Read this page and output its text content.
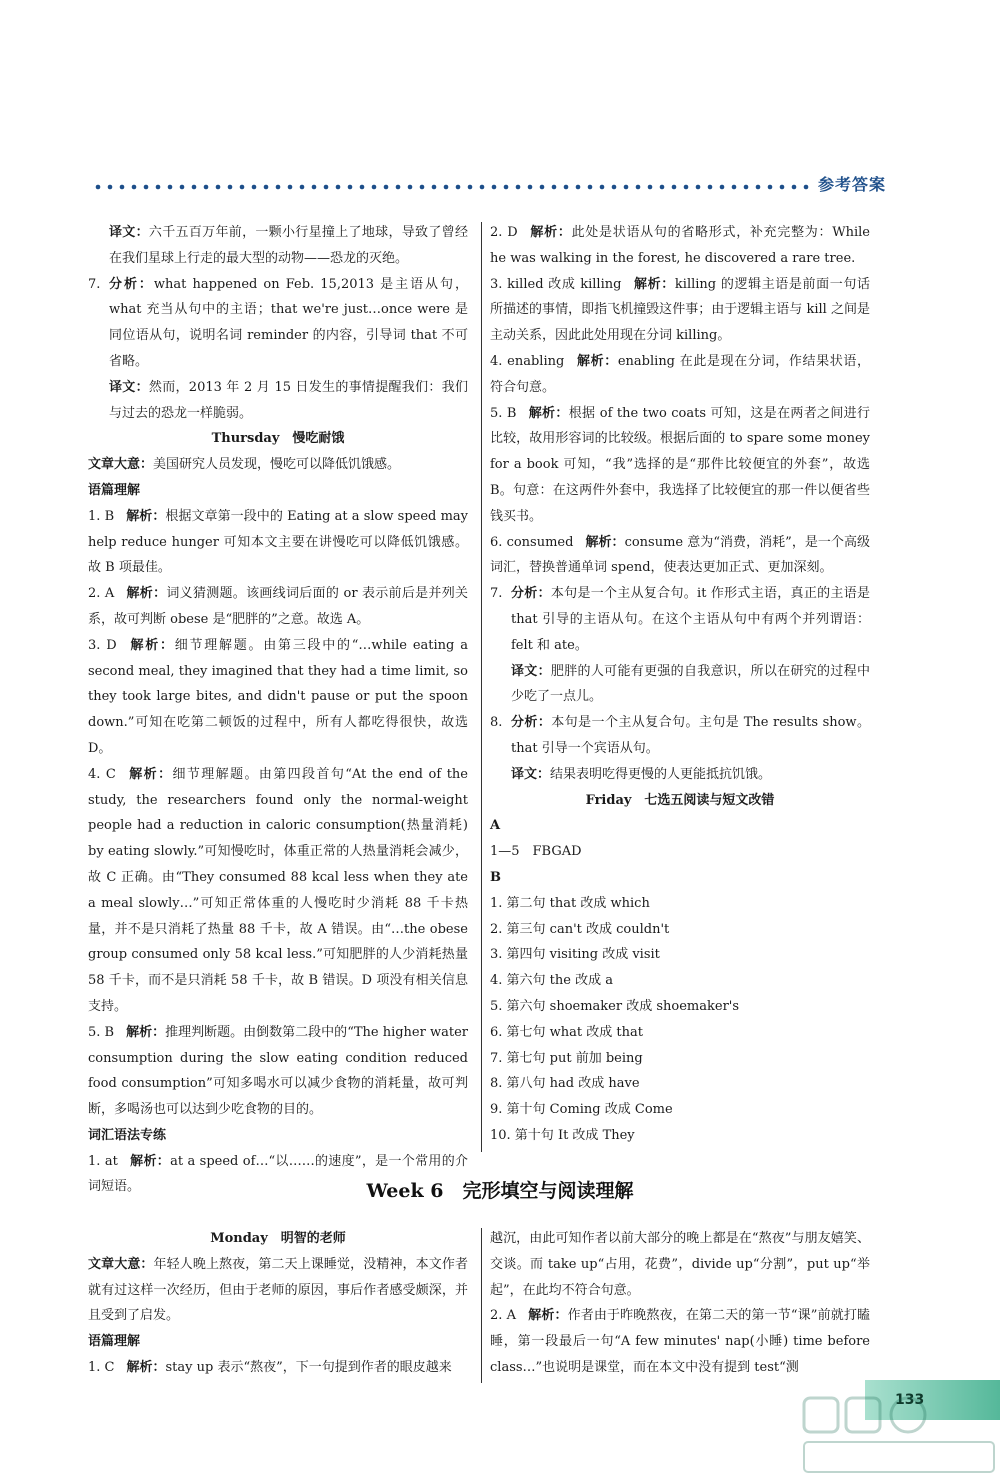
参考答案
译文：六千五百万年前，一颗小行星撞上了地球，导致了曾经在我们星球上行走的最大型的动物——恐龙的灭绝。
7. 分析：what happened on Feb. 15,2013 是主语从句，what 充当从句中的主语；that we're just…once were 是同位语从句，说明名词 reminder 的内容，引导词 that 不可省略。
译文：然而，2013 年 2 月 15 日发生的事情提醒我们：我们与过去的恐龙一样脆弱。
Thursday　慢吃耐饿
文章大意：美国研究人员发现，慢吃可以降低饥饿感。
语篇理解
1. B 解析：根据文章第一段中的 Eating at a slow speed may help reduce hunger 可知本文主要在讲慢吃可以降低饥饿感。故 B 项最佳。
2. A 解析：词义猜测题。该画线词后面的 or 表示前后是并列关系，故可判断 obese 是“肥胖的”之意。故选 A。
3. D 解析：细节理解题。由第三段中的“…while eating a second meal, they imagined that they had a time limit, so they took large bites, and didn't pause or put the spoon down.”可知在吃第二顿饭的过程中，所有人都吃得很快，故选 D。
4. C 解析：细节理解题。由第四段首句“At the end of the study, the researchers found only the normal-weight people had a reduction in caloric consumption(热量消耗) by eating slowly.”可知慢吃时，体重正常的人热量消耗会减少，故 C 正确。由“They consumed 88 kcal less when they ate a meal slowly…”可知正常体重的人慢吃时少消耗 88 千卡热量，并不是只消耗了热量 88 千卡，故 A 错误。由“…the obese group consumed only 58 kcal less.”可知肥胖的人少消耗热量 58 千卡，而不是只消耗 58 千卡，故 B 错误。D 项没有相关信息支持。
5. B 解析：推理判断题。由倒数第二段中的“The higher water consumption during the slow eating condition reduced food consumption”可知多喝水可以减少食物的消耗量，故可判断，多喝汤也可以达到少吃食物的目的。
词汇语法专练
1. at 解析：at a speed of…“以……的速度”，是一个常用的介词短语。
2. D 解析：此处是状语从句的省略形式，补充完整为：While he was walking in the forest, he discovered a rare tree.
3. killed 改成 killing 解析：killing 的逻辑主语是前面一句话所描述的事情，即指飞机撞毁这件事；由于逻辑主语与 kill 之间是主动关系，因此此处用现在分词 killing。
4. enabling 解析：enabling 在此是现在分词，作结果状语，符合句意。
5. B 解析：根据 of the two coats 可知，这是在两者之间进行比较，故用形容词的比较级。根据后面的 to spare some money for a book 可知，“我”选择的是“那件比较便宜的外套”，故选 B。句意：在这两件外套中，我选择了比较便宜的那一件以便省些钱买书。
6. consumed 解析：consume 意为“消费，消耗”，是一个高级词汇，替换普通单词 spend，使表达更加正式、更加深刻。
7. 分析：本句是一个主从复合句。it 作形式主语，真正的主语是 that 引导的主语从句。在这个主语从句中有两个并列谓语：felt 和 ate。
译文：肥胖的人可能有更强的自我意识，所以在研究的过程中少吃了一点儿。
8. 分析：本句是一个主从复合句。主句是 The results show。that 引导一个宾语从句。
译文：结果表明吃得更慢的人更能抵抗饥饿。
Friday　七选五阅读与短文改错
A
1—5　FBGAD
B
1. 第二句 that 改成 which
2. 第三句 can't 改成 couldn't
3. 第四句 visiting 改成 visit
4. 第六句 the 改成 a
5. 第六句 shoemaker 改成 shoemaker's
6. 第七句 what 改成 that
7. 第七句 put 前加 being
8. 第八句 had 改成 have
9. 第十句 Coming 改成 Come
10. 第十句 It 改成 They
Week 6　完形填空与阅读理解
Monday　明智的老师
文章大意：年轻人晚上熬夜，第二天上课睡觉，没精神，本文作者就有过这样一次经历，但由于老师的原因，事后作者感受颇深，并且受到了启发。
语篇理解
1. C 解析：stay up 表示“熬夜”，下一句提到作者的眼皮越来
越沉，由此可知作者以前大部分的晚上都是在“熬夜”与朋友嬉笑、交谈。而 take up“占用，花费”，divide up“分割”，put up“举起”，在此均不符合句意。
2. A 解析：作者由于昨晚熬夜，在第二天的第一节“课”前就打瞌睡，第一段最后一句“A few minutes' nap(小睡) time before class…”也说明是课堂，而在本文中没有提到 test“测
133
